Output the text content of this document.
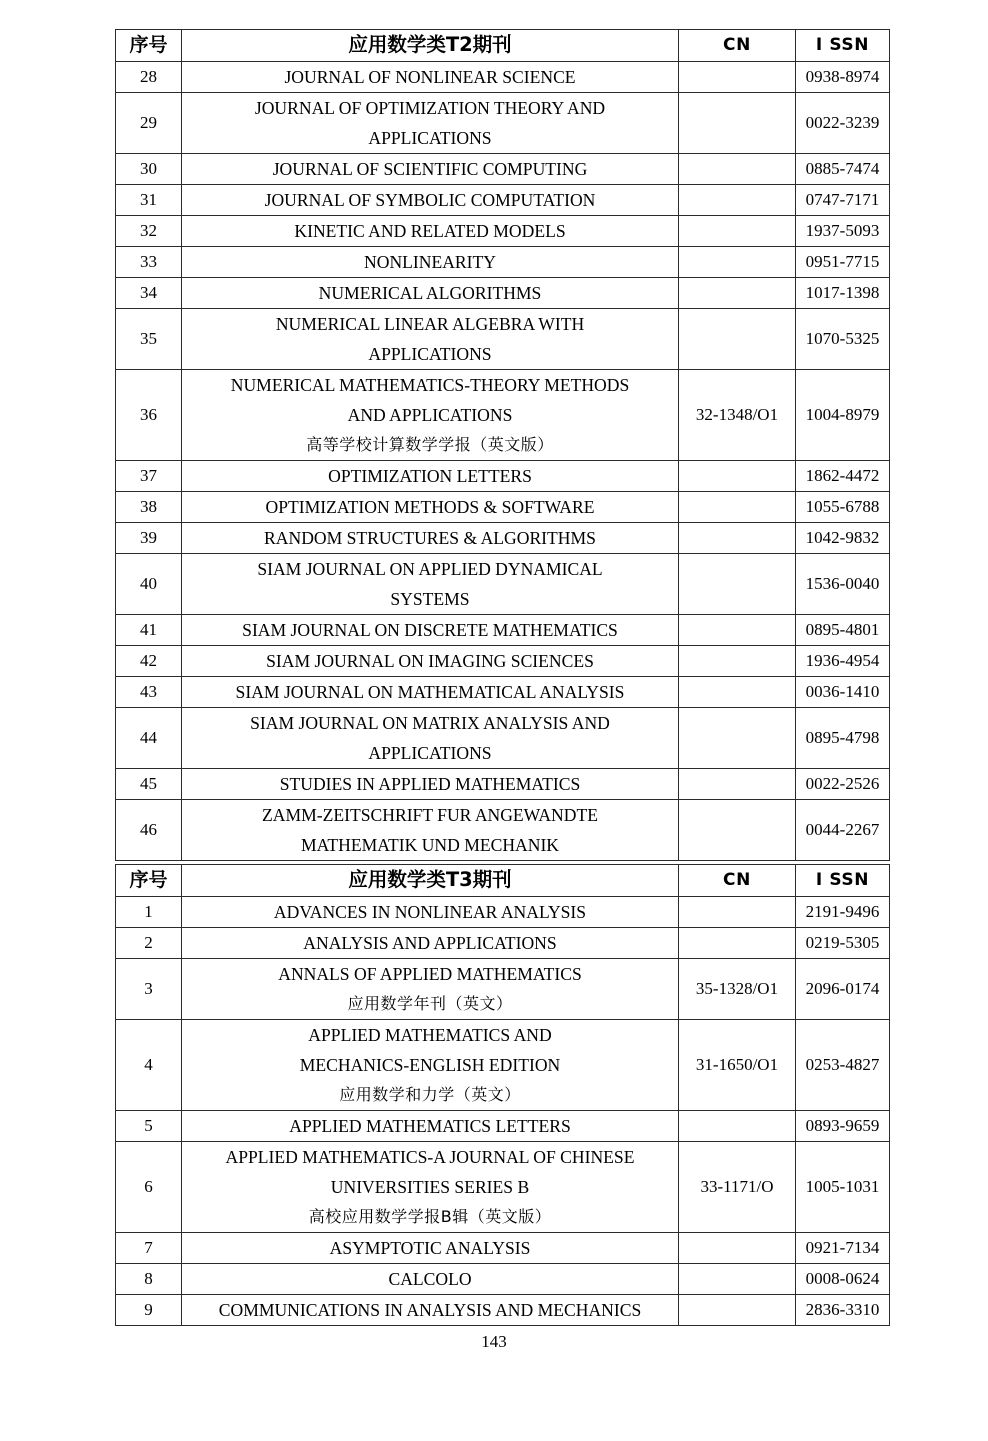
序号	应用数学类T2期刊	CN	I SSN
28	JOURNAL OF NONLINEAR SCIENCE		0938-8974
29	JOURNAL OF OPTIMIZATION THEORY AND
APPLICATIONS		0022-3239
30	JOURNAL OF SCIENTIFIC COMPUTING		0885-7474
31	JOURNAL OF SYMBOLIC COMPUTATION		0747-7171
32	KINETIC AND RELATED MODELS		1937-5093
33	NONLINEARITY		0951-7715
34	NUMERICAL ALGORITHMS		1017-1398
35	NUMERICAL LINEAR ALGEBRA WITH
APPLICATIONS		1070-5325
36	NUMERICAL MATHEMATICS-THEORY METHODS
AND APPLICATIONS
高等学校计算数学学报（英文版）	32-1348/O1	1004-8979
37	OPTIMIZATION LETTERS		1862-4472
38	OPTIMIZATION METHODS & SOFTWARE		1055-6788
39	RANDOM STRUCTURES & ALGORITHMS		1042-9832
40	SIAM JOURNAL ON APPLIED DYNAMICAL
SYSTEMS		1536-0040
41	SIAM JOURNAL ON DISCRETE MATHEMATICS		0895-4801
42	SIAM JOURNAL ON IMAGING SCIENCES		1936-4954
43	SIAM JOURNAL ON MATHEMATICAL ANALYSIS		0036-1410
44	SIAM JOURNAL ON MATRIX ANALYSIS AND
APPLICATIONS		0895-4798
45	STUDIES IN APPLIED MATHEMATICS		0022-2526
46	ZAMM-ZEITSCHRIFT FUR ANGEWANDTE
MATHEMATIK UND MECHANIK		0044-2267
序号	应用数学类T3期刊	CN	I SSN
1	ADVANCES IN NONLINEAR ANALYSIS		2191-9496
2	ANALYSIS AND APPLICATIONS		0219-5305
3	ANNALS OF APPLIED MATHEMATICS
应用数学年刊（英文）	35-1328/O1	2096-0174
4	APPLIED MATHEMATICS AND
MECHANICS-ENGLISH EDITION
应用数学和力学（英文）	31-1650/O1	0253-4827
5	APPLIED MATHEMATICS LETTERS		0893-9659
6	APPLIED MATHEMATICS-A JOURNAL OF CHINESE
UNIVERSITIES SERIES B
高校应用数学学报B辑（英文版）	33-1171/O	1005-1031
7	ASYMPTOTIC ANALYSIS		0921-7134
8	CALCOLO		0008-0624
9	COMMUNICATIONS IN ANALYSIS AND MECHANICS		2836-3310
143
